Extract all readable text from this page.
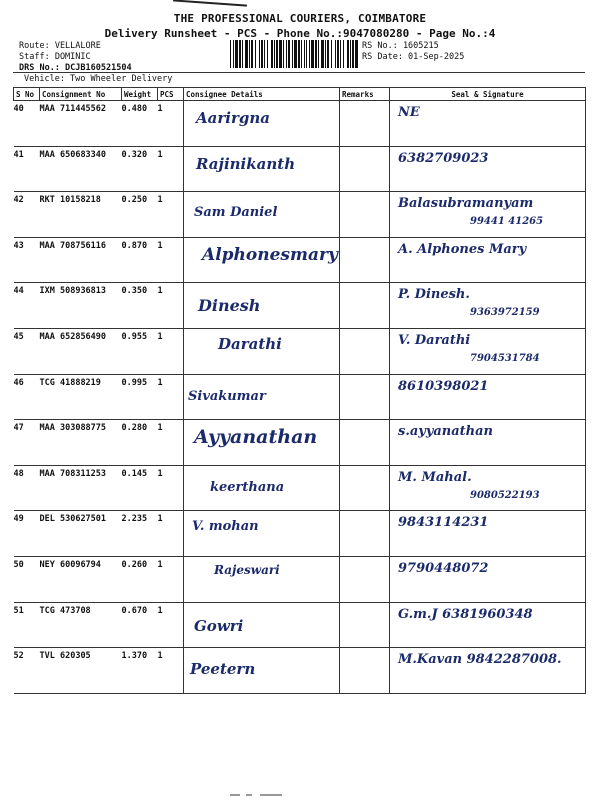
THE PROFESSIONAL COURIERS, COIMBATORE
Delivery Runsheet - PCS - Phone No.:9047080280 - Page No.:4
Route: VELLALORE
Staff: DOMINIC
DRS No.: DCJB160521504
RS No.: 1605215
RS Date: 01-Sep-2025
Vehicle: Two Wheeler Delivery
S No	Consignment No	Weight	PCS	Consignee Details	Remarks	Seal & Signature

40	MAA 711445562	0.480	1	Aarirgna		NE

41	MAA 650683340	0.320	1	Rajinikanth		6382709023

42	RKT 10158218	0.250	1	Sam Daniel		Balasubramanyam
99441 41265

43	MAA 708756116	0.870	1	Alphonesmary		A. Alphones Mary

44	IXM 508936813	0.350	1	Dinesh		P. Dinesh.
9363972159

45	MAA 652856490	0.955	1	Darathi		V. Darathi
7904531784

46	TCG 41888219	0.995	1	Sivakumar		8610398021

47	MAA 303088775	0.280	1	Ayyanathan		s.ayyanathan

48	MAA 708311253	0.145	1	keerthana		M. Mahal.
9080522193

49	DEL 530627501	2.235	1	V. mohan		9843114231

50	NEY 60096794	0.260	1	Rajeswari		9790448072

51	TCG 473708	0.670	1	Gowri		G.m.J 6381960348

52	TVL 620305	1.370	1	Peetern		M.Kavan 9842287008.
